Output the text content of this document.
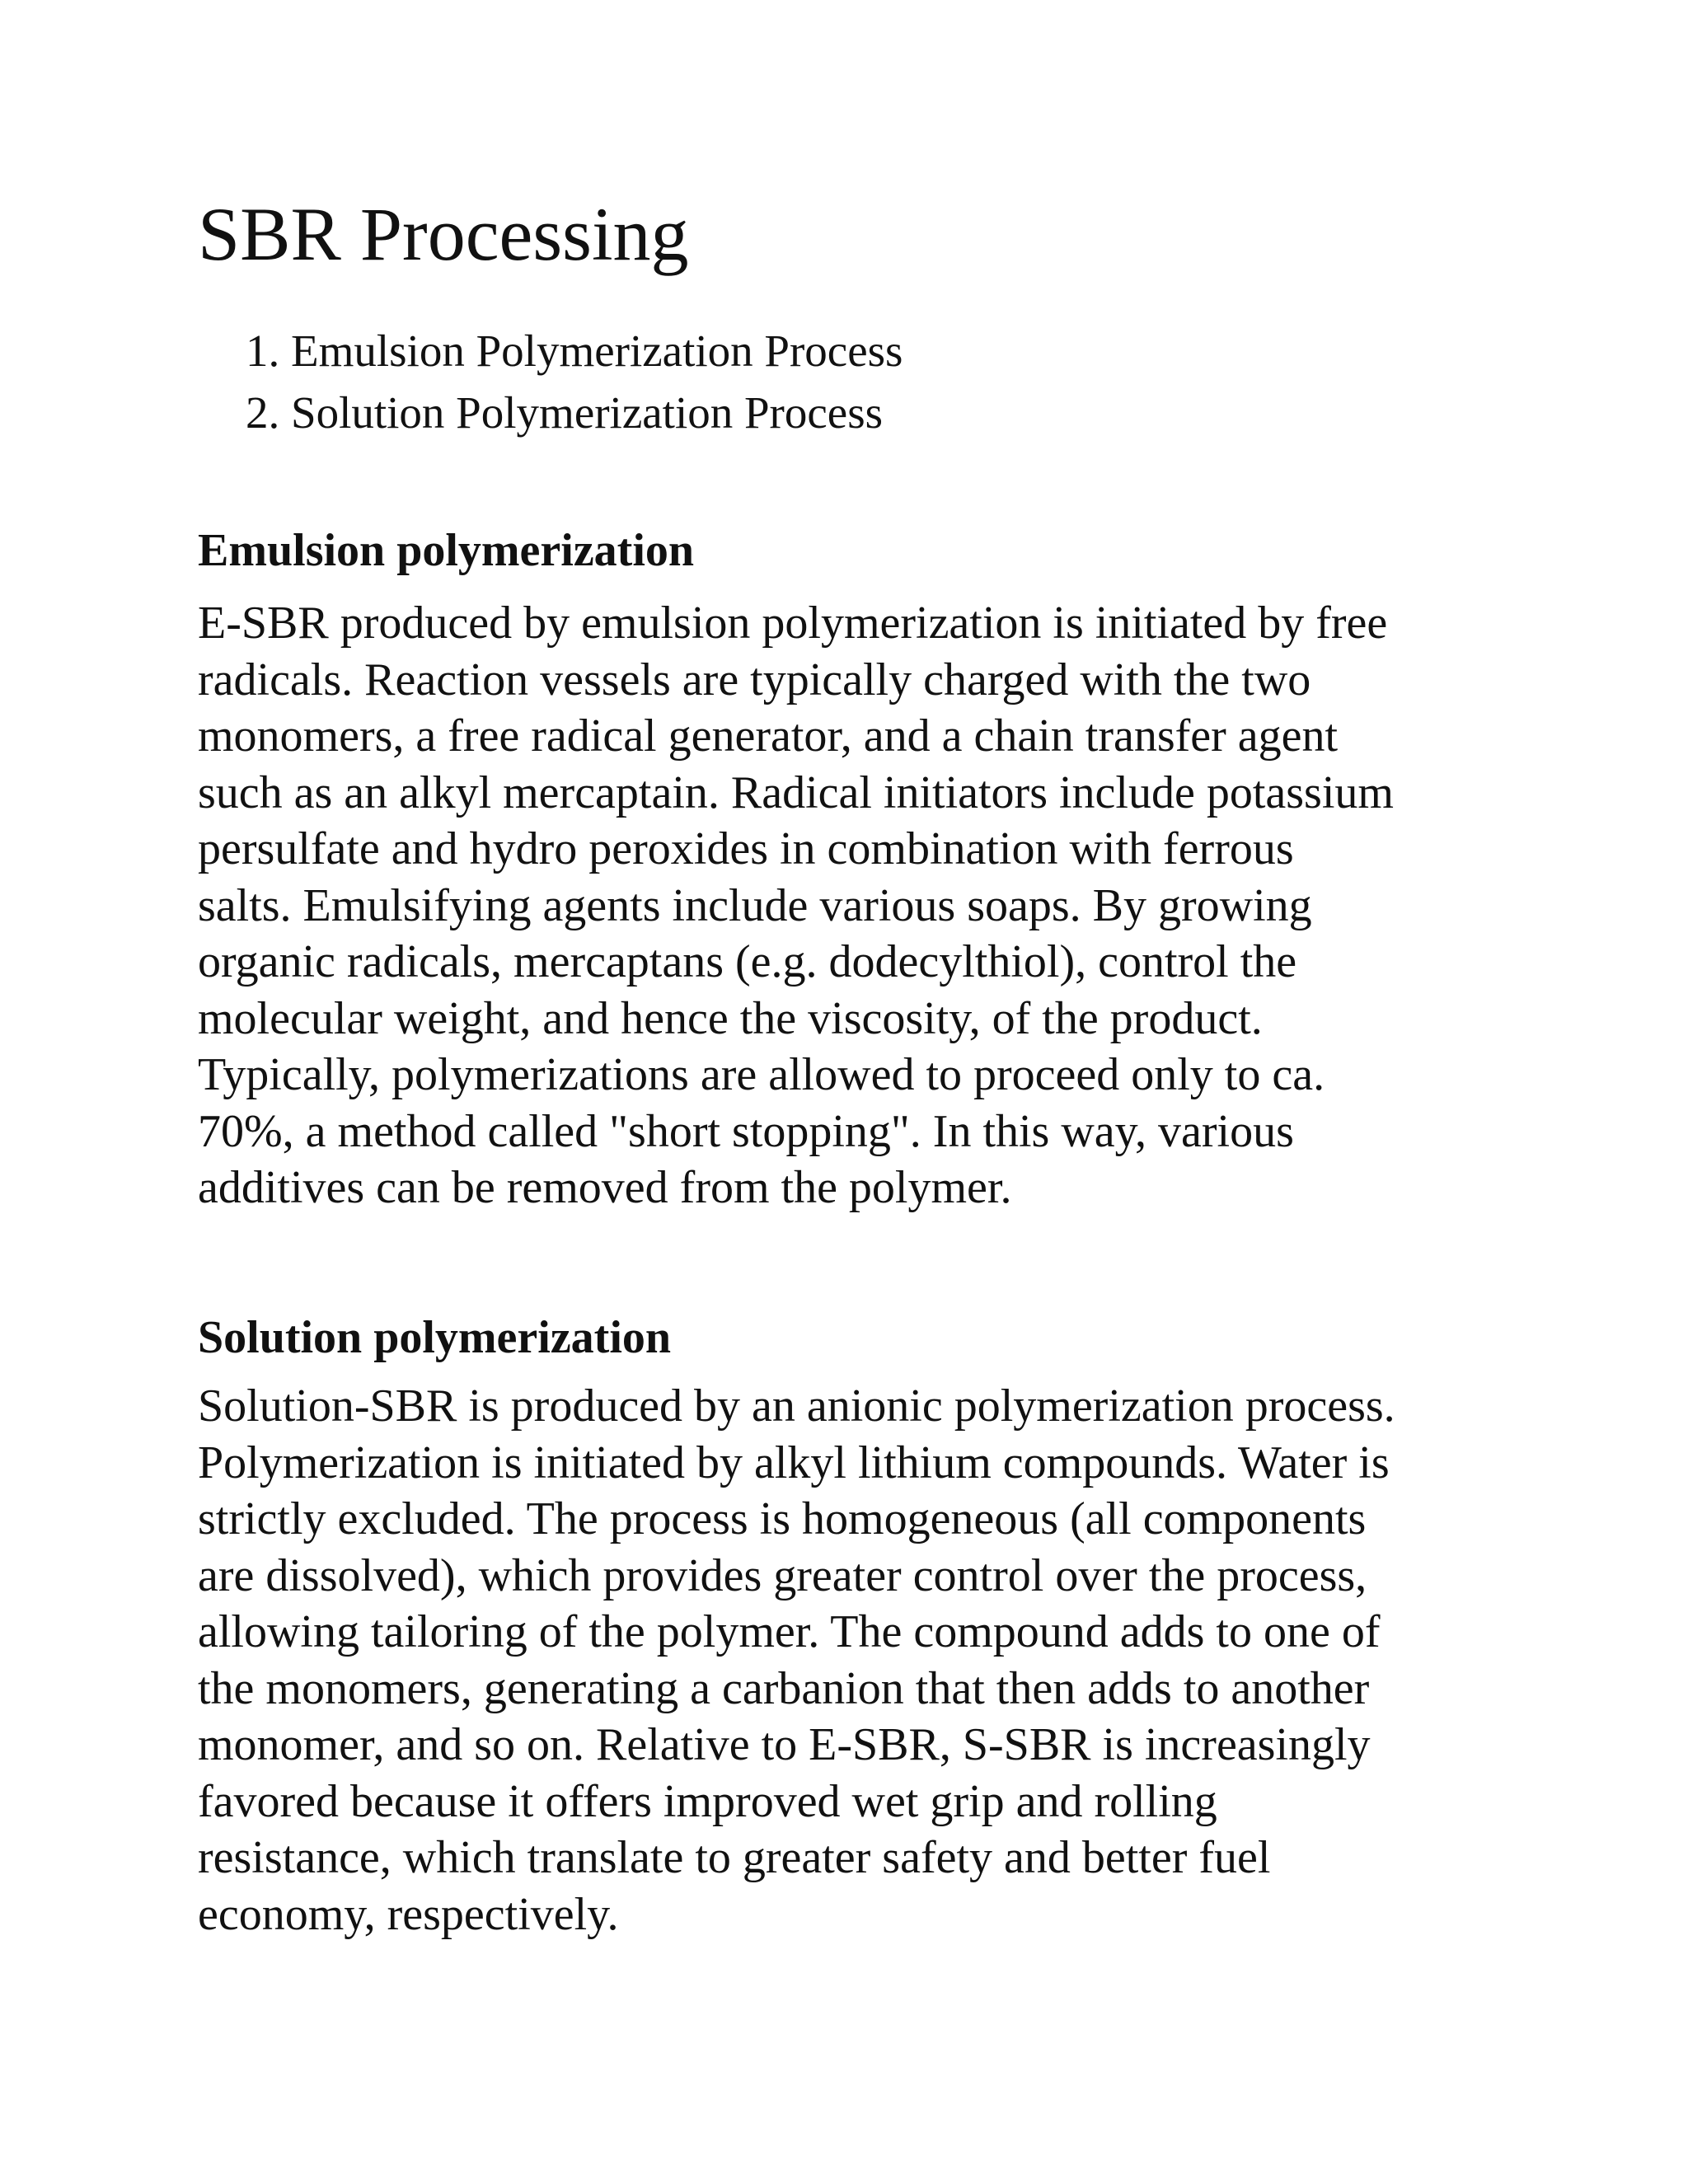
SBR Processing
1. Emulsion Polymerization Process
2. Solution Polymerization Process
Emulsion polymerization

E-SBR produced by emulsion polymerization is initiated by free
radicals. Reaction vessels are typically charged with the two
monomers, a free radical generator, and a chain transfer agent
such as an alkyl mercaptain. Radical initiators include potassium
persulfate and hydro peroxides in combination with ferrous
salts. Emulsifying agents include various soaps. By growing
organic radicals, mercaptans (e.g. dodecylthiol), control the
molecular weight, and hence the viscosity, of the product.
Typically, polymerizations are allowed to proceed only to ca.
70%, a method called "short stopping". In this way, various
additives can be removed from the polymer.

Solution polymerization

Solution-SBR is produced by an anionic polymerization process.
Polymerization is initiated by alkyl lithium compounds. Water is
strictly excluded. The process is homogeneous (all components
are dissolved), which provides greater control over the process,
allowing tailoring of the polymer. The compound adds to one of
the monomers, generating a carbanion that then adds to another
monomer, and so on. Relative to E-SBR, S-SBR is increasingly
favored because it offers improved wet grip and rolling
resistance, which translate to greater safety and better fuel
economy, respectively.
